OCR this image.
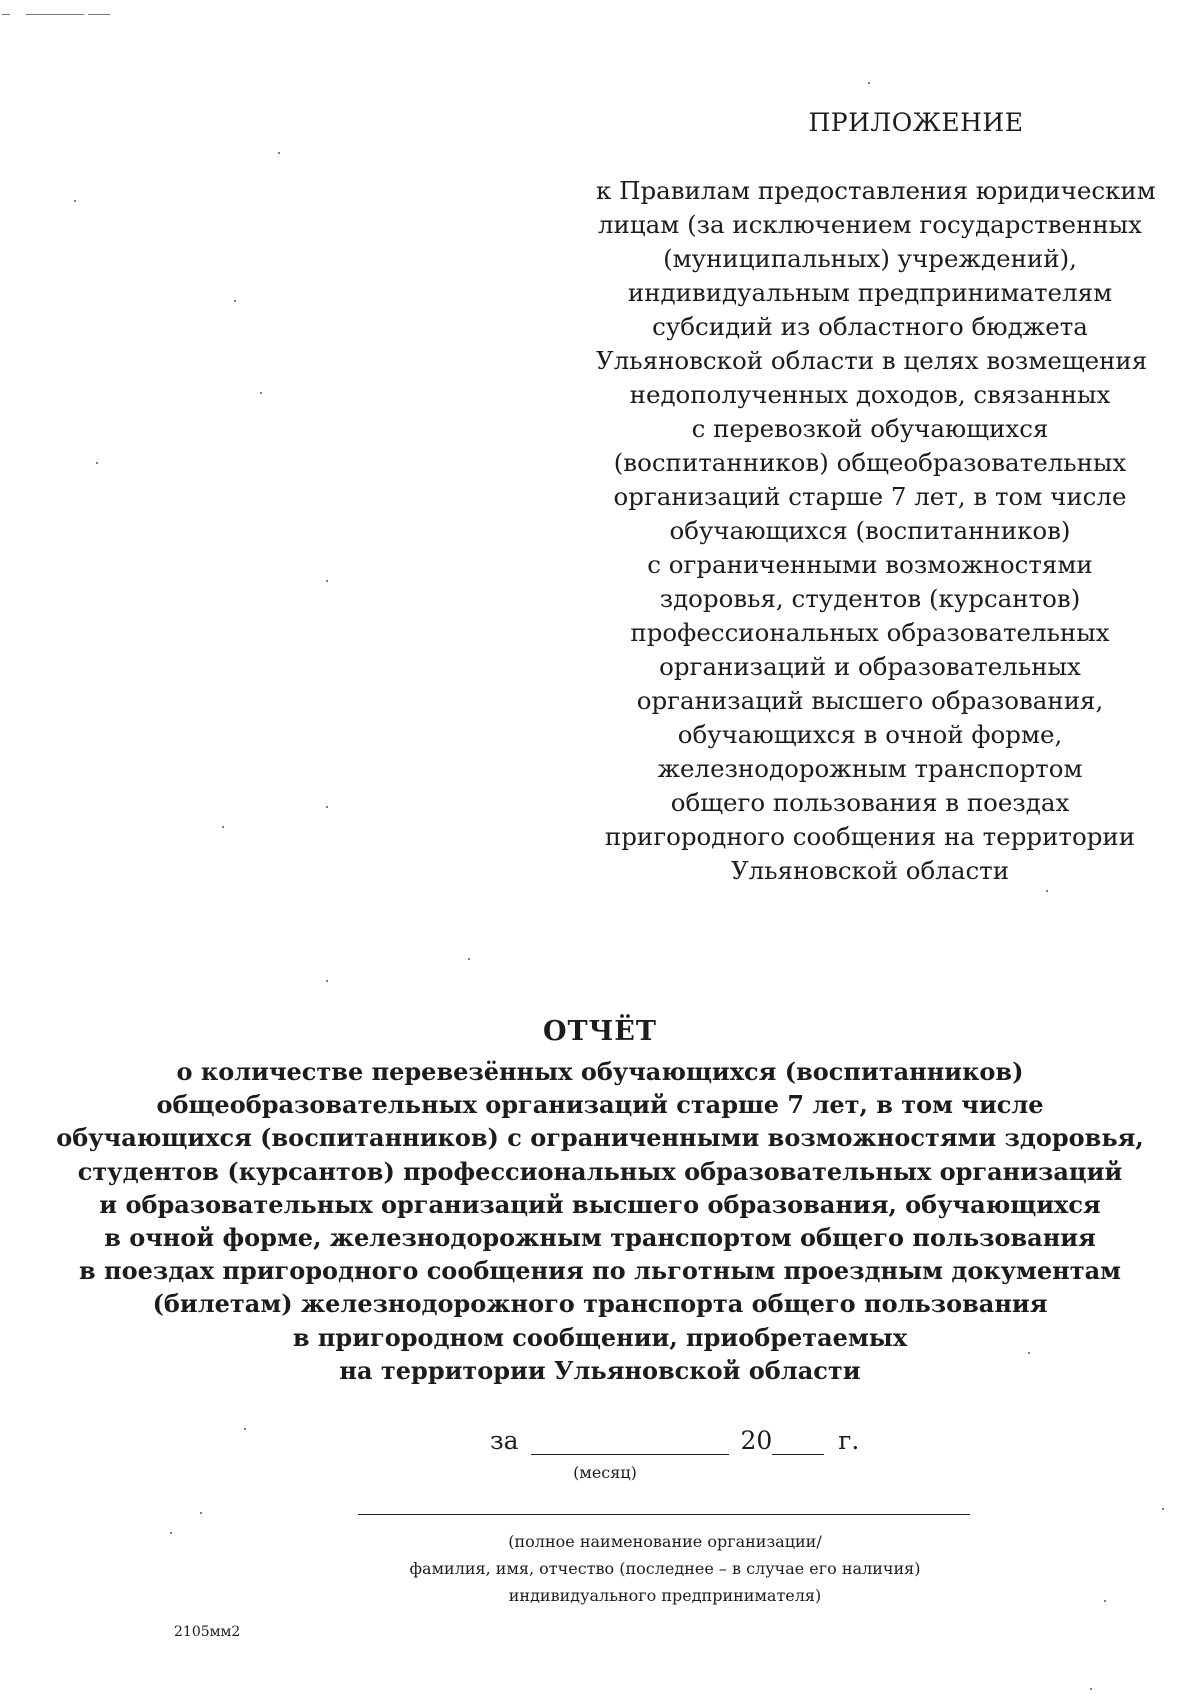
ПРИЛОЖЕНИЕ
к Правилам предоставления юридическим
лицам (за исключением государственных
(муниципальных) учреждений),
индивидуальным предпринимателям
субсидий из областного бюджета
Ульяновской области в целях возмещения
недополученных доходов, связанных
с перевозкой обучающихся
(воспитанников) общеобразовательных
организаций старше 7 лет, в том числе
обучающихся (воспитанников)
с ограниченными возможностями
здоровья, студентов (курсантов)
профессиональных образовательных
организаций и образовательных
организаций высшего образования,
обучающихся в очной форме,
железнодорожным транспортом
общего пользования в поездах
пригородного сообщения на территории
Ульяновской области
ОТЧЁТ
о количестве перевезённых обучающихся (воспитанников)
общеобразовательных организаций старше 7 лет, в том числе
обучающихся (воспитанников) с ограниченными возможностями здоровья,
студентов (курсантов) профессиональных образовательных организаций
и образовательных организаций высшего образования, обучающихся
в очной форме, железнодорожным транспортом общего пользования
в поездах пригородного сообщения по льготным проездным документам
(билетам) железнодорожного транспорта общего пользования
в пригородном сообщении, приобретаемых
на территории Ульяновской области
за	20	г.
(месяц)
(полное наименование организации/
фамилия, имя, отчество (последнее – в случае его наличия)
индивидуального предпринимателя)
2105мм2
